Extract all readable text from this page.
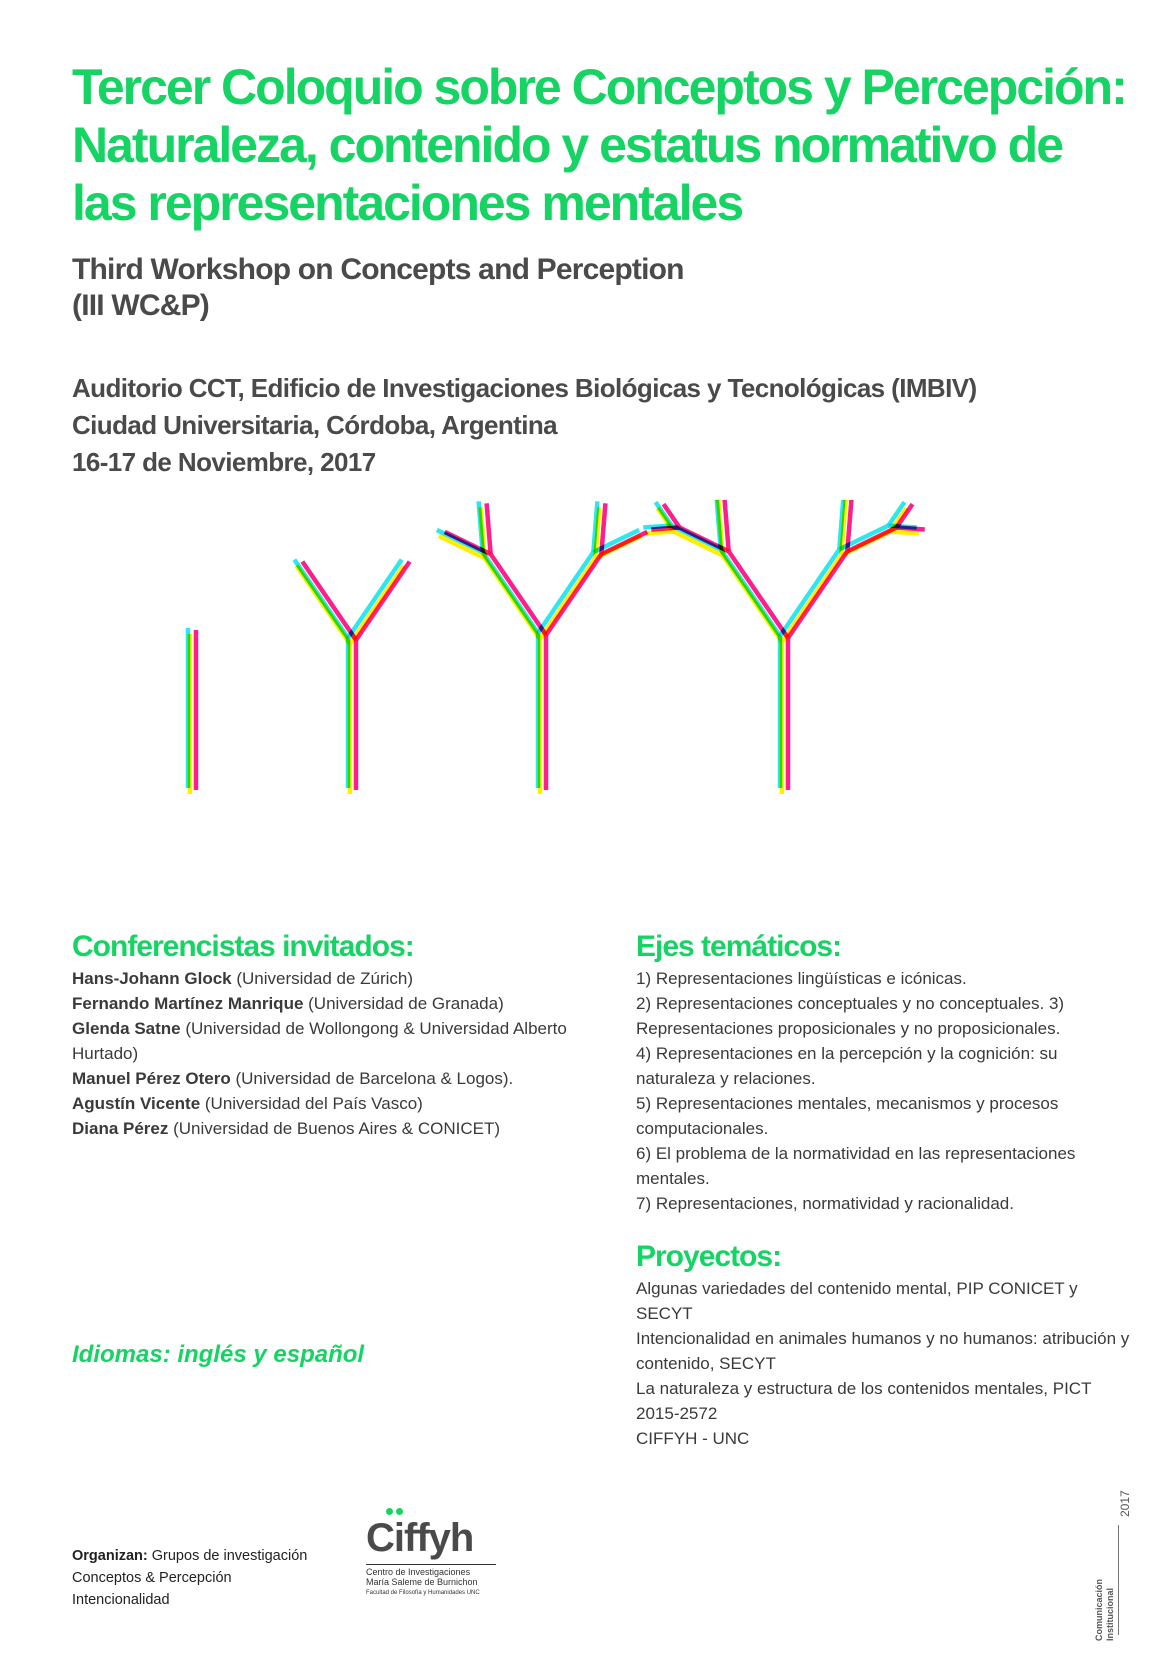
Tercer Coloquio sobre Conceptos y Percepción:
Naturaleza, contenido y estatus normativo de
las representaciones mentales
Third Workshop on Concepts and Perception
(III WC&P)
Auditorio CCT, Edificio de Investigaciones Biológicas y Tecnológicas (IMBIV)
Ciudad Universitaria, Córdoba, Argentina
16-17 de Noviembre, 2017
Conferencistas invitados:
Hans-Johann Glock (Universidad de Zúrich)
Fernando Martínez Manrique (Universidad de Granada)
Glenda Satne (Universidad de Wollongong & Universidad Alberto Hurtado)
Manuel Pérez Otero (Universidad de Barcelona & Logos).
Agustín Vicente (Universidad del País Vasco)
Diana Pérez (Universidad de Buenos Aires & CONICET)
Ejes temáticos:
1) Representaciones lingüísticas e icónicas.
2) Representaciones conceptuales y no conceptuales. 3) Representaciones proposicionales y no proposicionales.
4) Representaciones en la percepción y la cognición: su naturaleza y relaciones.
5) Representaciones mentales, mecanismos y procesos computacionales.
6) El problema de la normatividad en las representaciones mentales.
7) Representaciones, normatividad y racionalidad.
Proyectos:
Algunas variedades del contenido mental, PIP CONICET y SECYT
Intencionalidad en animales humanos y no humanos: atribución y contenido, SECYT
La naturaleza y estructura de los contenidos mentales, PICT 2015-2572
CIFFYH - UNC

Idiomas: inglés y español

Organizan: Grupos de investigación
Conceptos & Percepción
Intencionalidad
Ciffyh
Centro de Investigaciones
María Saleme de Burnichon
Facultad de Filosofía y Humanidades UNC
2017
Comunicación Institucional
